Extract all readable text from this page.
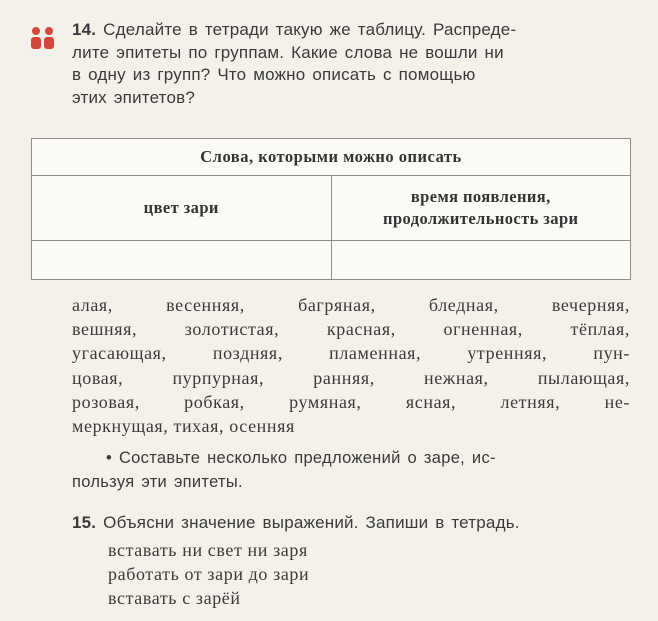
14. Сделайте в тетради такую же таблицу. Распреде-
лите эпитеты по группам. Какие слова не вошли ни
в одну из групп? Что можно описать с помощью
этих эпитетов?
Слова, которыми можно описать	
цвет зари	время появления,
продолжительность зари

алая, весенняя, багряная, бледная, вечерняя,
вешняя, золотистая, красная, огненная, тёплая,
угасающая, поздняя, пламенная, утренняя, пун-
цовая, пурпурная, ранняя, нежная, пылающая,
розовая, робкая, румяная, ясная, летняя, не-
меркнущая, тихая, осенняя
• Составьте несколько предложений о заре, ис-
пользуя эти эпитеты.
15. Объясни значение выражений. Запиши в тетрадь.
вставать ни свет ни заря
работать от зари до зари
вставать с зарёй
